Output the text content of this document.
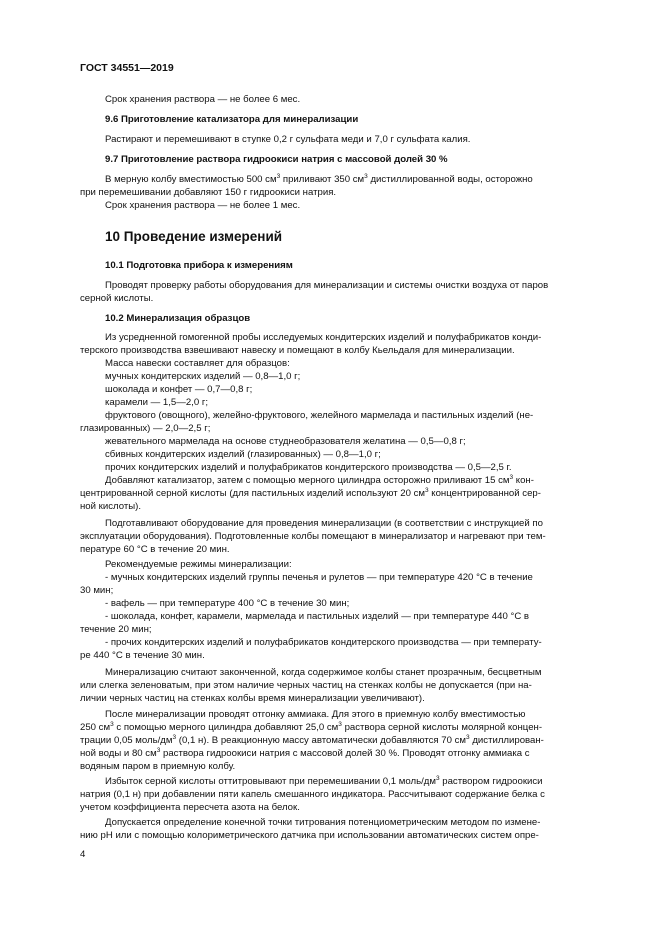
ГОСТ 34551—2019
Срок хранения раствора — не более 6 мес.
9.6 Приготовление катализатора для минерализации
Растирают и перемешивают в ступке 0,2 г сульфата меди и 7,0 г сульфата калия.
9.7 Приготовление раствора гидроокиси натрия с массовой долей 30 %
В мерную колбу вместимостью 500 $см^3$ приливают 350 $см^3$ дистиллированной воды, осторожно
при перемешивании добавляют 150 г гидроокиси натрия.
Срок хранения раствора — не более 1 мес.
10 Проведение измерений
10.1 Подготовка прибора к измерениям
Проводят проверку работы оборудования для минерализации и системы очистки воздуха от паров
серной кислоты.
10.2 Минерализация образцов
Из усредненной гомогенной пробы исследуемых кондитерских изделий и полуфабрикатов конди-
терского производства взвешивают навеску и помещают в колбу Кьельдаля для минерализации.
Масса навески составляет для образцов:
мучных кондитерских изделий — 0,8—1,0 г;
шоколада и конфет — 0,7—0,8 г;
карамели — 1,5—2,0 г;
фруктового (овощного), желейно-фруктового, желейного мармелада и пастильных изделий (не-
глазированных) — 2,0—2,5 г;
жевательного мармелада на основе студнеобразователя желатина — 0,5—0,8 г;
сбивных кондитерских изделий (глазированных) — 0,8—1,0 г;
прочих кондитерских изделий и полуфабрикатов кондитерского производства — 0,5—2,5 г.
Добавляют катализатор, затем с помощью мерного цилиндра осторожно приливают 15 $см^3$ кон-
центрированной серной кислоты (для пастильных изделий используют 20 $см^3$ концентрированной сер-
ной кислоты).
Подготавливают оборудование для проведения минерализации (в соответствии с инструкцией по
эксплуатации оборудования). Подготовленные колбы помещают в минерализатор и нагревают при тем-
пературе 60 °С в течение 20 мин.
Рекомендуемые режимы минерализации:
- мучных кондитерских изделий группы печенья и рулетов — при температуре 420 °С в течение
30 мин;
- вафель — при температуре 400 °С в течение 30 мин;
- шоколада, конфет, карамели, мармелада и пастильных изделий — при температуре 440 °С в
течение 20 мин;
- прочих кондитерских изделий и полуфабрикатов кондитерского производства — при температу-
ре 440 °С в течение 30 мин.
Минерализацию считают законченной, когда содержимое колбы станет прозрачным, бесцветным
или слегка зеленоватым, при этом наличие черных частиц на стенках колбы не допускается (при на-
личии черных частиц на стенках колбы время минерализации увеличивают).
После минерализации проводят отгонку аммиака. Для этого в приемную колбу вместимостью
250 $см^3$ с помощью мерного цилиндра добавляют 25,0 $см^3$ раствора серной кислоты молярной концен-
трации 0,05 моль/$дм^3$ (0,1 н). В реакционную массу автоматически добавляются 70 $см^3$ дистиллирован-
ной воды и 80 $см^3$ раствора гидроокиси натрия с массовой долей 30 %. Проводят отгонку аммиака с
водяным паром в приемную колбу.
Избыток серной кислоты оттитровывают при перемешивании 0,1 моль/$дм^3$ раствором гидроокиси
натрия (0,1 н) при добавлении пяти капель смешанного индикатора. Рассчитывают содержание белка с
учетом коэффициента пересчета азота на белок.
Допускается определение конечной точки титрования потенциометрическим методом по измене-
нию рН или с помощью колориметрического датчика при использовании автоматических систем опре-
4
